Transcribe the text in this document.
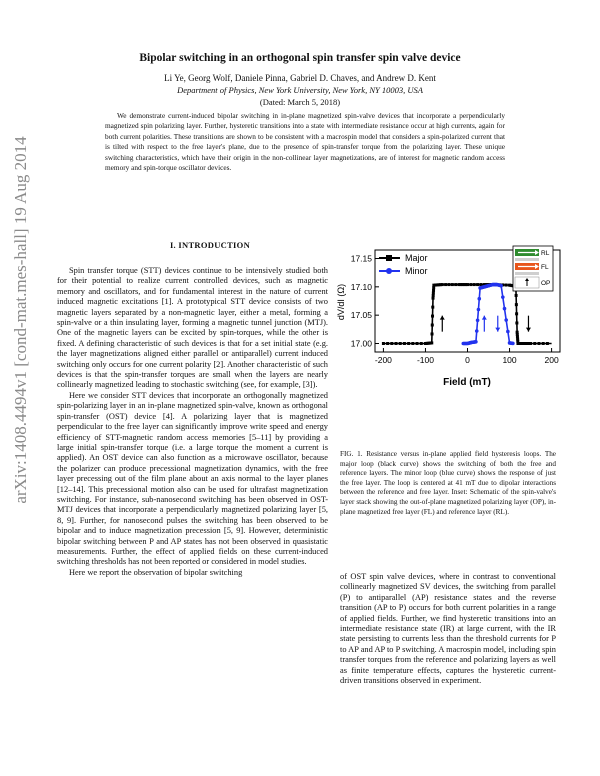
arXiv:1408.4494v1 [cond-mat.mes-hall] 19 Aug 2014
Bipolar switching in an orthogonal spin transfer spin valve device
Li Ye, Georg Wolf, Daniele Pinna, Gabriel D. Chaves, and Andrew D. Kent
Department of Physics, New York University, New York, NY 10003, USA
(Dated: March 5, 2018)
We demonstrate current-induced bipolar switching in in-plane magnetized spin-valve devices that incorporate a perpendicularly magnetized spin polarizing layer. Further, hysteretic transitions into a state with intermediate resistance occur at high currents, again for both current polarities. These transitions are shown to be consistent with a macrospin model that considers a spin-polarized current that is tilted with respect to the free layer's plane, due to the presence of spin-transfer torque from the polarizing layer. These unique switching characteristics, which have their origin in the non-collinear layer magnetizations, are of interest for magnetic random access memory and spin-torque oscillator devices.
I. INTRODUCTION

Spin transfer torque (STT) devices continue to be intensively studied both for their potential to realize current controlled devices, such as magnetic memory and oscillators, and for fundamental interest in the nature of current induced magnetic excitations [1]. A prototypical STT device consists of two magnetic layers separated by a non-magnetic layer, either a metal, forming a spin-valve or a thin insulating layer, forming a magnetic tunnel junction (MTJ). One of the magnetic layers can be excited by spin-torques, while the other is fixed. A defining characteristic of such devices is that for a set initial state (e.g. the layer magnetizations aligned either parallel or antiparallel) current induced switching only occurs for one current polarity [2]. Another characteristic of such devices is that the spin-transfer torques are small when the layers are nearly collinearly magnetized leading to stochastic switching (see, for example, [3]).

Here we consider STT devices that incorporate an orthogonally magnetized spin-polarizing layer in an in-plane magnetized spin-valve, known as orthogonal spin-transfer (OST) device [4]. A polarizing layer that is magnetized perpendicular to the free layer can significantly improve write speed and energy efficiency of STT-magnetic random access memories [5–11] by providing a large initial spin-transfer torque (i.e. a large torque the moment a current is applied). An OST device can also function as a microwave oscillator, because the polarizer can produce precessional magnetization dynamics, with the free layer precessing out of the film plane about an axis normal to the layer planes [12–14]. This precessional motion also can be used for ultrafast magnetization switching. For instance, sub-nanosecond switching has been observed in OST-MTJ devices that incorporate a perpendicularly magnetized polarizing layer [5, 8, 9]. Further, for nanosecond pulses the switching has been observed to be bipolar and to induce magnetization precession [5, 9]. However, deterministic bipolar switching between P and AP states has not been observed in quasistatic measurements. Further, the effect of applied fields on these current-induced switching thresholds has not been reported or considered in model studies.

Here we report the observation of bipolar switching

-200	-100	0	100	200
17.00
17.05
17.10
17.15
Field (mT)
dV/dI (Ω)
Major
Minor
RL
FL
OP
FIG. 1. Resistance versus in-plane applied field hysteresis loops. The major loop (black curve) shows the switching of both the free and reference layers. The minor loop (blue curve) shows the response of just the free layer. The loop is centered at 41 mT due to dipolar interactions between the reference and free layer. Inset: Schematic of the spin-valve's layer stack showing the out-of-plane magnetized polarizing layer (OP), in-plane magnetized free layer (FL) and reference layer (RL).

of OST spin valve devices, where in contrast to conventional collinearly magnetized SV devices, the switching from parallel (P) to antiparallel (AP) resistance states and the reverse transition (AP to P) occurs for both current polarities in a range of applied fields. Further, we find hysteretic transitions into an intermediate resistance state (IR) at large current, with the IR state persisting to currents less than the threshold currents for P to AP and AP to P switching. A macrospin model, including spin transfer torques from the reference and polarizing layers as well as finite temperature effects, captures the hysteretic current-driven transitions observed in experiment.
